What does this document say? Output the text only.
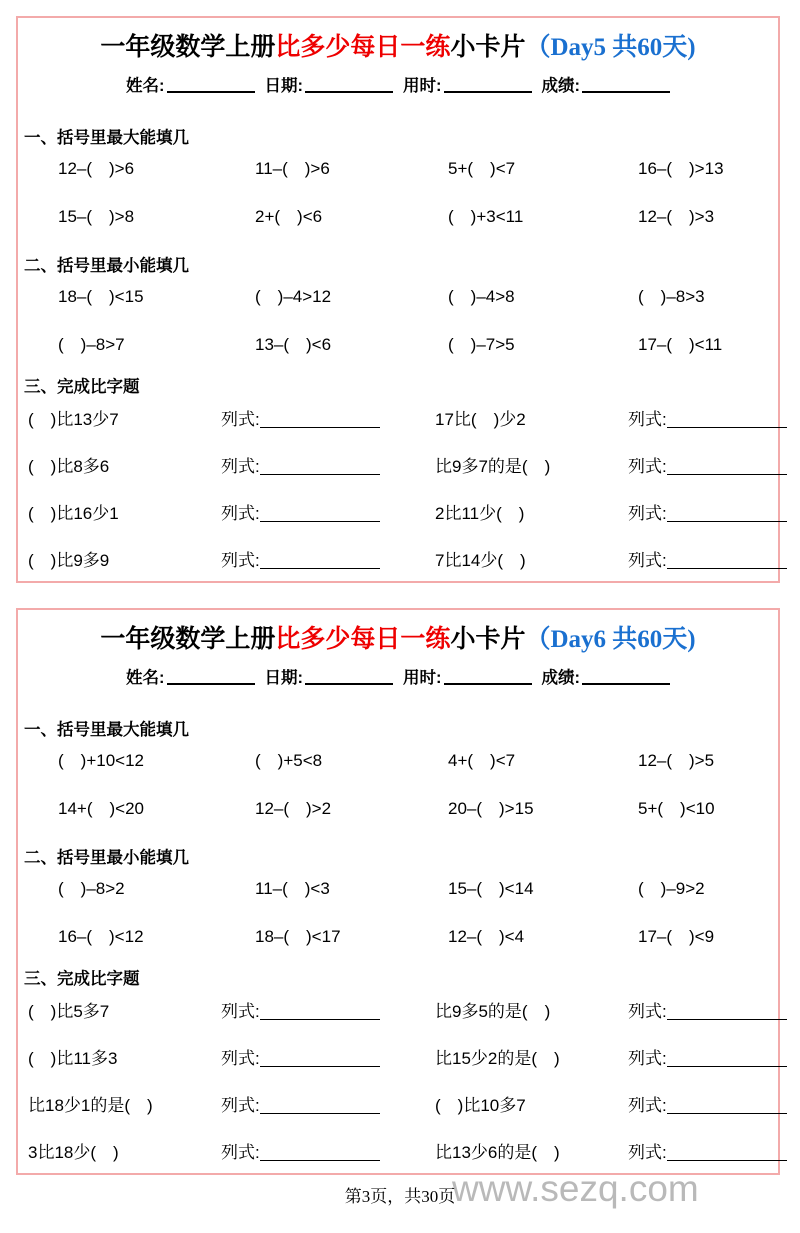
一年级数学上册比多少每日一练小卡片（Day5 共60天)
姓名:	日期:	用时:	成绩:
一、括号里最大能填几
12–(　)>6	11–(　)>6	5+(　)<7	16–(　)>13
15–(　)>8	2+(　)<6	(　)+3<11	12–(　)>3
二、括号里最小能填几
18–(　)<15	(　)–4>12	(　)–4>8	(　)–8>3
(　)–8>7	13–(　)<6	(　)–7>5	17–(　)<11
三、完成比字题
(　)比13少7	列式:	17比(　)少2	列式:
(　)比8多6	列式:	比9多7的是(　)	列式:
(　)比16少1	列式:	2比11少(　)	列式:
(　)比9多9	列式:	7比14少(　)	列式:
一年级数学上册比多少每日一练小卡片（Day6 共60天)
姓名:	日期:	用时:	成绩:
一、括号里最大能填几
(　)+10<12	(　)+5<8	4+(　)<7	12–(　)>5
14+(　)<20	12–(　)>2	20–(　)>15	5+(　)<10
二、括号里最小能填几
(　)–8>2	11–(　)<3	15–(　)<14	(　)–9>2
16–(　)<12	18–(　)<17	12–(　)<4	17–(　)<9
三、完成比字题
(　)比5多7	列式:	比9多5的是(　)	列式:
(　)比11多3	列式:	比15少2的是(　)	列式:
比18少1的是(　)	列式:	(　)比10多7	列式:
3比18少(　)	列式:	比13少6的是(　)	列式:
www.sezq.com
第3页，共30页
